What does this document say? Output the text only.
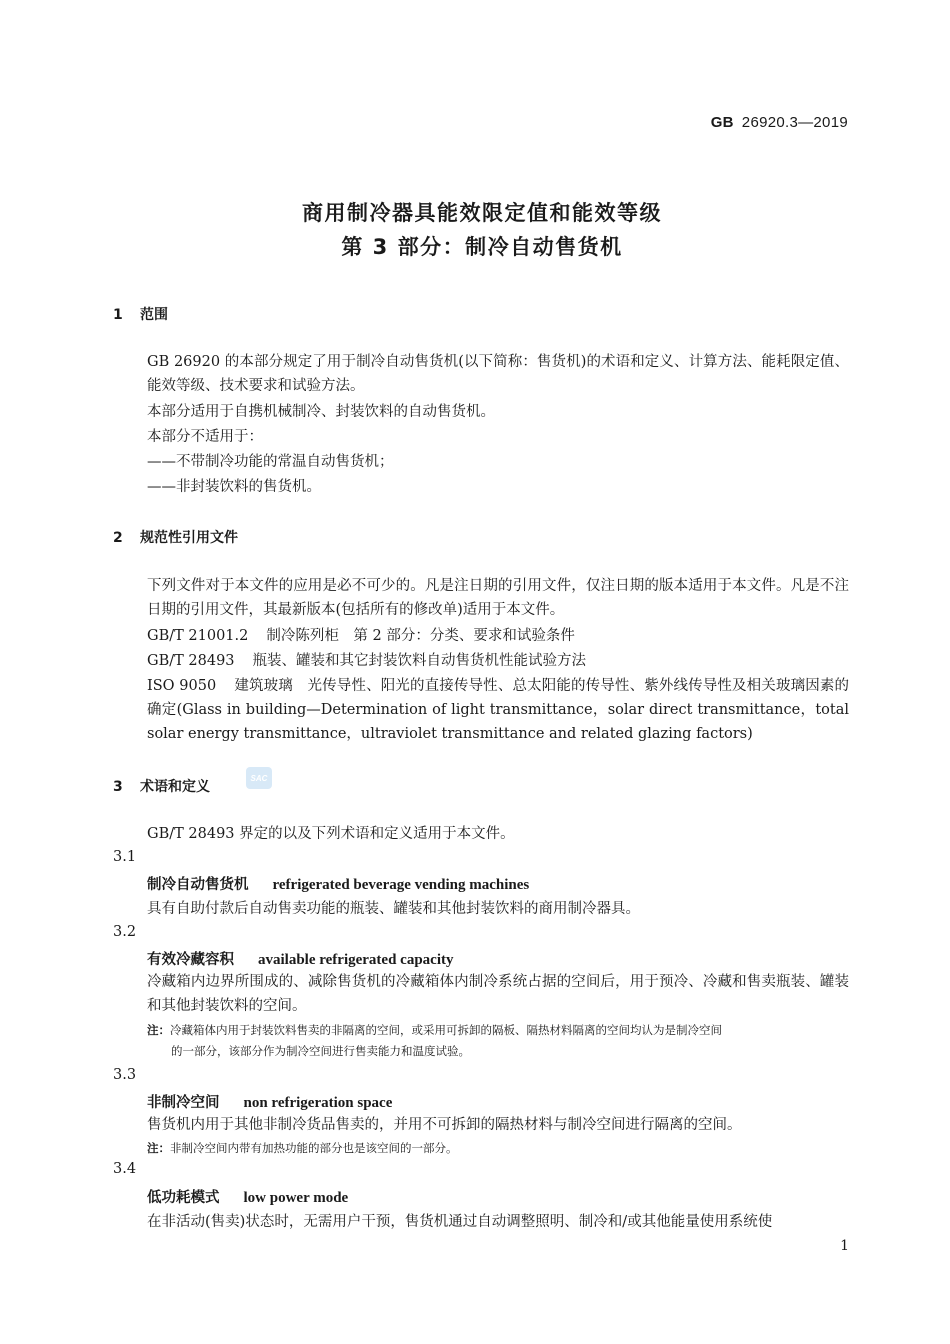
GB 26920.3—2019
商用制冷器具能效限定值和能效等级
第 3 部分：制冷自动售货机
1 范围
GB 26920 的本部分规定了用于制冷自动售货机(以下简称：售货机)的术语和定义、计算方法、能耗限定值、能效等级、技术要求和试验方法。
本部分适用于自携机械制冷、封装饮料的自动售货机。
本部分不适用于：
——不带制冷功能的常温自动售货机；
——非封装饮料的售货机。
2 规范性引用文件
下列文件对于本文件的应用是必不可少的。凡是注日期的引用文件，仅注日期的版本适用于本文件。凡是不注日期的引用文件，其最新版本(包括所有的修改单)适用于本文件。
GB/T 21001.2 制冷陈列柜　第 2 部分：分类、要求和试验条件
GB/T 28493 瓶装、罐装和其它封装饮料自动售货机性能试验方法
ISO 9050 建筑玻璃　光传导性、阳光的直接传导性、总太阳能的传导性、紫外线传导性及相关玻璃因素的确定(Glass in building—Determination of light transmittance，solar direct transmittance，total solar energy transmittance，ultraviolet transmittance and related glazing factors)
3 术语和定义
SAC
GB/T 28493 界定的以及下列术语和定义适用于本文件。
3.1
制冷自动售货机 refrigerated beverage vending machines
具有自助付款后自动售卖功能的瓶装、罐装和其他封装饮料的商用制冷器具。
3.2
有效冷藏容积 available refrigerated capacity
冷藏箱内边界所围成的、减除售货机的冷藏箱体内制冷系统占据的空间后，用于预冷、冷藏和售卖瓶装、罐装和其他封装饮料的空间。
注：冷藏箱体内用于封装饮料售卖的非隔离的空间，或采用可拆卸的隔板、隔热材料隔离的空间均认为是制冷空间
的一部分，该部分作为制冷空间进行售卖能力和温度试验。
3.3
非制冷空间 non refrigeration space
售货机内用于其他非制冷货品售卖的，并用不可拆卸的隔热材料与制冷空间进行隔离的空间。
注：非制冷空间内带有加热功能的部分也是该空间的一部分。
3.4
低功耗模式 low power mode
在非活动(售卖)状态时，无需用户干预，售货机通过自动调整照明、制冷和/或其他能量使用系统使
1
